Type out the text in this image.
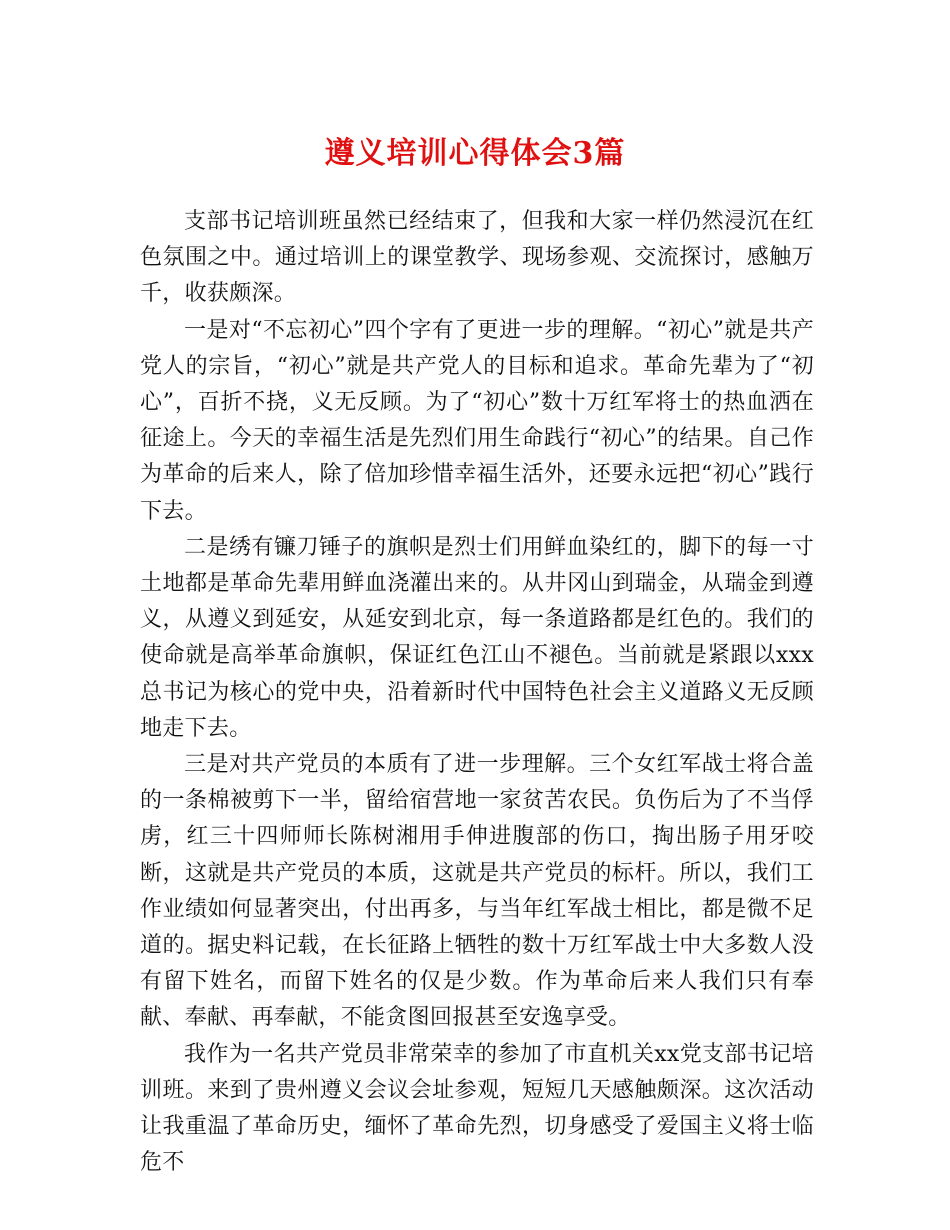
遵义培训心得体会3篇

支部书记培训班虽然已经结束了，但我和大家一样仍然浸沉在红色氛围之中。通过培训上的课堂教学、现场参观、交流探讨，感触万千，收获颇深。

一是对“不忘初心”四个字有了更进一步的理解。“初心”就是共产党人的宗旨，“初心”就是共产党人的目标和追求。革命先辈为了“初心”，百折不挠，义无反顾。为了“初心”数十万红军将士的热血洒在征途上。今天的幸福生活是先烈们用生命践行“初心”的结果。自己作为革命的后来人，除了倍加珍惜幸福生活外，还要永远把“初心”践行下去。

二是绣有镰刀锤子的旗帜是烈士们用鲜血染红的，脚下的每一寸土地都是革命先辈用鲜血浇灌出来的。从井冈山到瑞金，从瑞金到遵义，从遵义到延安，从延安到北京，每一条道路都是红色的。我们的使命就是高举革命旗帜，保证红色江山不褪色。当前就是紧跟以xxx总书记为核心的党中央，沿着新时代中国特色社会主义道路义无反顾地走下去。

三是对共产党员的本质有了进一步理解。三个女红军战士将合盖的一条棉被剪下一半，留给宿营地一家贫苦农民。负伤后为了不当俘虏，红三十四师师长陈树湘用手伸进腹部的伤口，掏出肠子用牙咬断，这就是共产党员的本质，这就是共产党员的标杆。所以，我们工作业绩如何显著突出，付出再多，与当年红军战士相比，都是微不足道的。据史料记载，在长征路上牺牲的数十万红军战士中大多数人没有留下姓名，而留下姓名的仅是少数。作为革命后来人我们只有奉献、奉献、再奉献，不能贪图回报甚至安逸享受。

我作为一名共产党员非常荣幸的参加了市直机关xx党支部书记培训班。来到了贵州遵义会议会址参观，短短几天感触颇深。这次活动让我重温了革命历史，缅怀了革命先烈，切身感受了爱国主义将士临危不
